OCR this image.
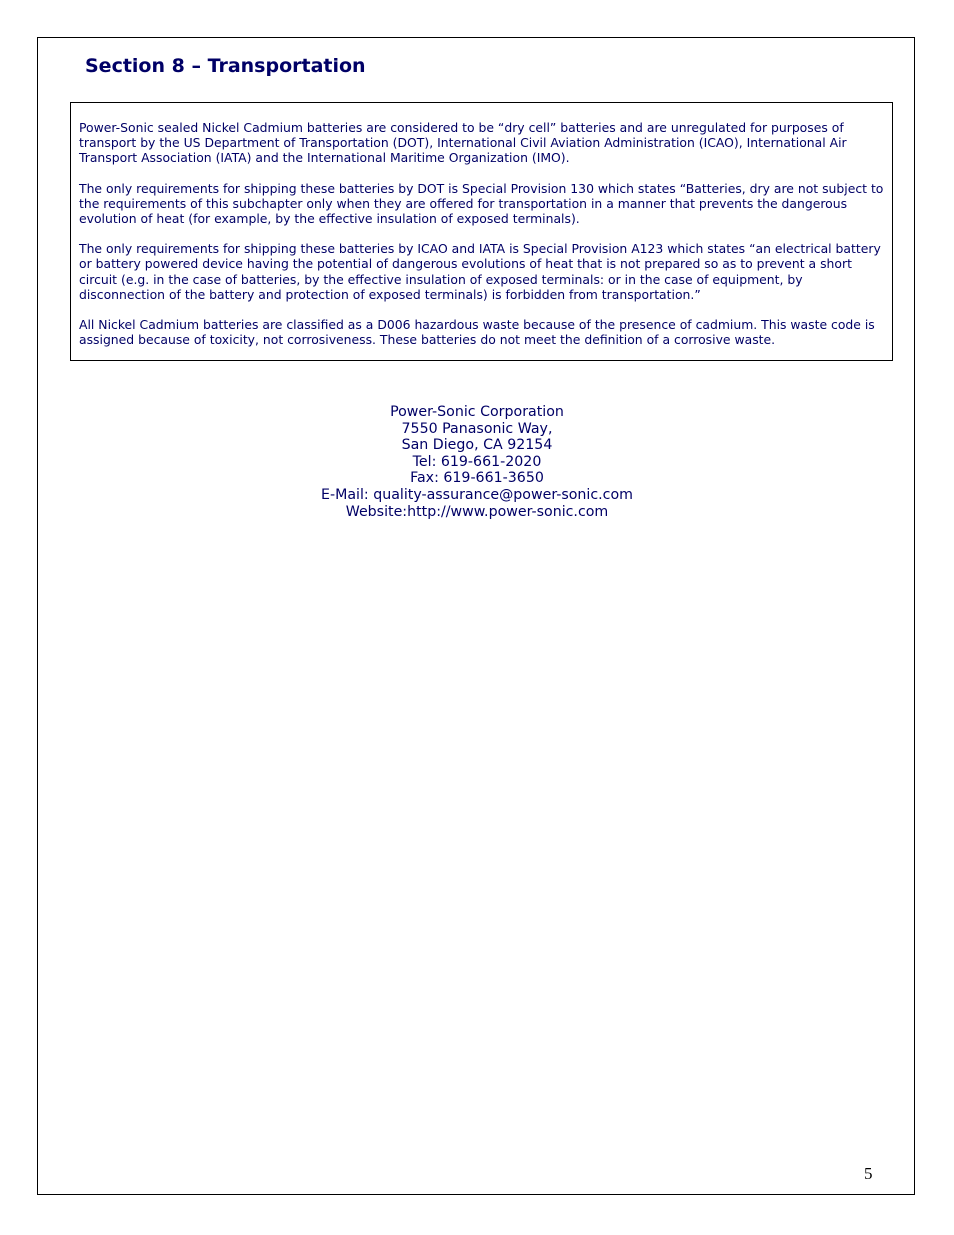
Section 8 – Transportation

Power-Sonic sealed Nickel Cadmium batteries are considered to be “dry cell” batteries and are unregulated for purposes of transport by the US Department of Transportation (DOT), International Civil Aviation Administration (ICAO), International Air Transport Association (IATA) and the International Maritime Organization (IMO).

The only requirements for shipping these batteries by DOT is Special Provision 130 which states “Batteries, dry are not subject to the requirements of this subchapter only when they are offered for transportation in a manner that prevents the dangerous evolution of heat (for example, by the effective insulation of exposed terminals).

The only requirements for shipping these batteries by ICAO and IATA is Special Provision A123 which states “an electrical battery or battery powered device having the potential of dangerous evolutions of heat that is not prepared so as to prevent a short circuit (e.g. in the case of batteries, by the effective insulation of exposed terminals: or in the case of equipment, by disconnection of the battery and protection of exposed terminals) is forbidden from transportation.”

All Nickel Cadmium batteries are classified as a D006 hazardous waste because of the presence of cadmium. This waste code is assigned because of toxicity, not corrosiveness. These batteries do not meet the definition of a corrosive waste.

Power-Sonic Corporation
7550 Panasonic Way,
San Diego, CA 92154
Tel: 619-661-2020
Fax: 619-661-3650
E-Mail: quality-assurance@power-sonic.com
Website:http://www.power-sonic.com
5
